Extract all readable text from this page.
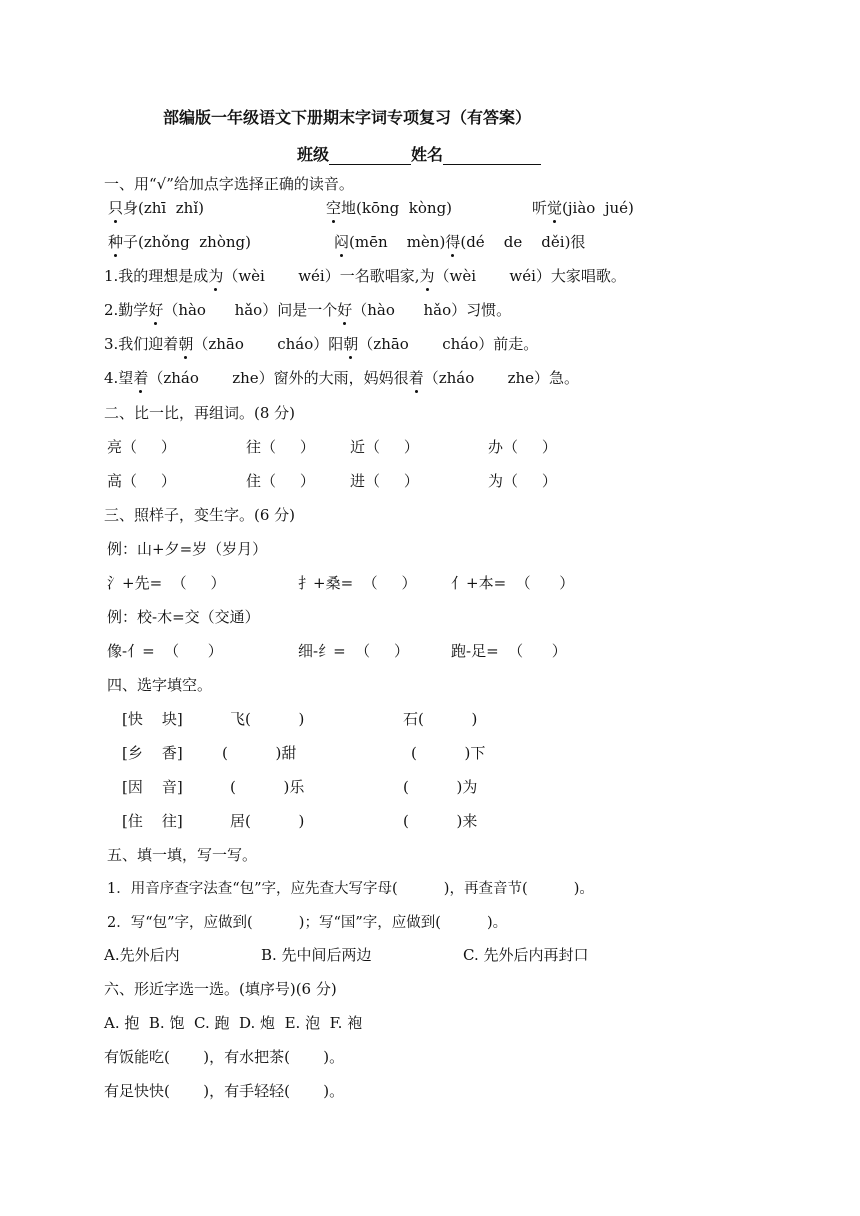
部编版一年级语文下册期末字词专项复习（有答案）
班级	姓名
一、用“√”给加点字选择正确的读音。
只身(zhī  zhǐ)	空地(kōng  kòng)	听觉(jiào  jué)
种子(zhǒng  zhòng)	闷(mēn    mèn)得(dé    de    děi)很
1.我的理想是成为（wèi       wéi）一名歌唱家,为（wèi       wéi）大家唱歌。
2.勤学好（hào      hǎo）问是一个好（hào      hǎo）习惯。
3.我们迎着朝（zhāo       cháo）阳朝（zhāo       cháo）前走。
4.望着（zháo       zhe）窗外的大雨，妈妈很着（zháo       zhe）急。
二、比一比，再组词。(8 分)
亮（     ）	往（     ） 近（     ）	办（     ）
高（     ）	住（     ） 进（     ）	为（     ）
三、照样子，变生字。(6 分)
例：山+夕=岁（岁月）
氵+先=  （     ）	扌+桑=  （     ） 亻+本=  （      ）
例：校-木=交（交通）
像-亻=  （      ）	细-纟=  （     ）	跑-足=  （      ）
四、选字填空。
[快    块]	飞(          )	石(          )
[乡    香]	(          )甜	(          )下
[因    音]	(          )乐	(          )为
[住    往]	居(          )	(          )来
五、填一填，写一写。
1．用音序查字法查“包”字，应先查大写字母(          )，再查音节(          )。
2．写“包”字，应做到(          )；写“国”字，应做到(          )。
A.先外后内	B. 先中间后两边	C. 先外后内再封口
六、形近字选一选。(填序号)(6 分)
A. 抱  B. 饱  C. 跑  D. 炮  E. 泡  F. 袍
有饭能吃(       )，有水把茶(       )。
有足快快(       )，有手轻轻(       )。
